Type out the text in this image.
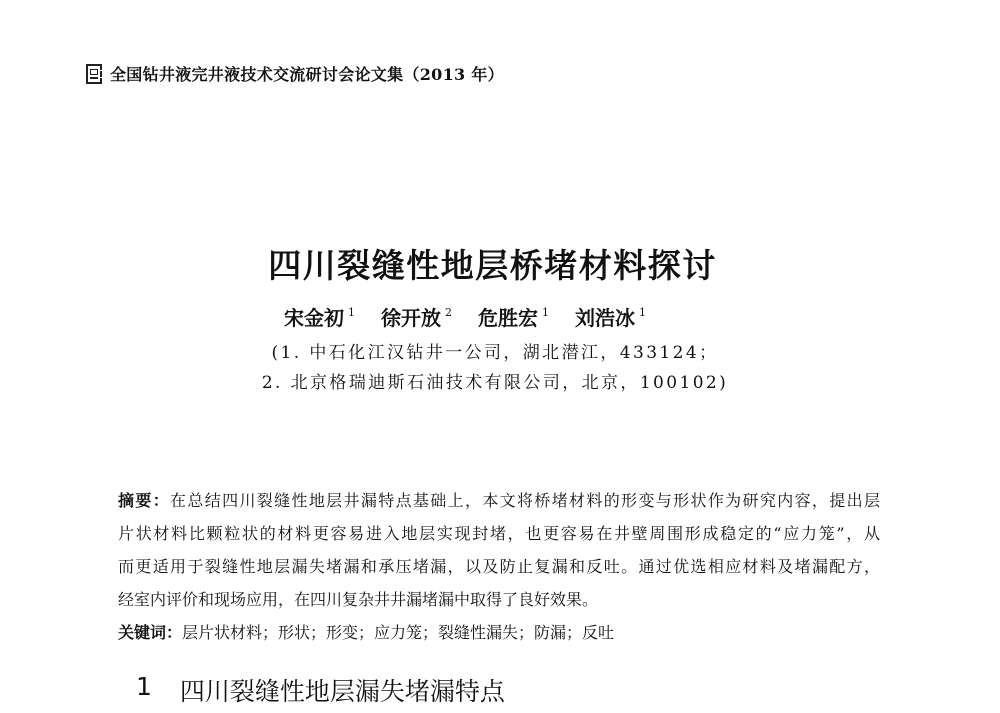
全国钻井液完井液技术交流研讨会论文集（2013 年）
四川裂缝性地层桥堵材料探讨
宋金初 $^1$ 徐开放 $^2$ 危胜宏 $^1$ 刘浩冰 $^1$
(1. 中石化江汉钻井一公司，湖北潜江，433124；
2. 北京格瑞迪斯石油技术有限公司，北京，100102)
摘要：在总结四川裂缝性地层井漏特点基础上，本文将桥堵材料的形变与形状作为研究内容，提出层
片状材料比颗粒状的材料更容易进入地层实现封堵，也更容易在井壁周围形成稳定的“应力笼”，从
而更适用于裂缝性地层漏失堵漏和承压堵漏，以及防止复漏和反吐。通过优选相应材料及堵漏配方，
经室内评价和现场应用，在四川复杂井井漏堵漏中取得了良好效果。
关键词：层片状材料；形状；形变；应力笼；裂缝性漏失；防漏；反吐
1 四川裂缝性地层漏失堵漏特点
